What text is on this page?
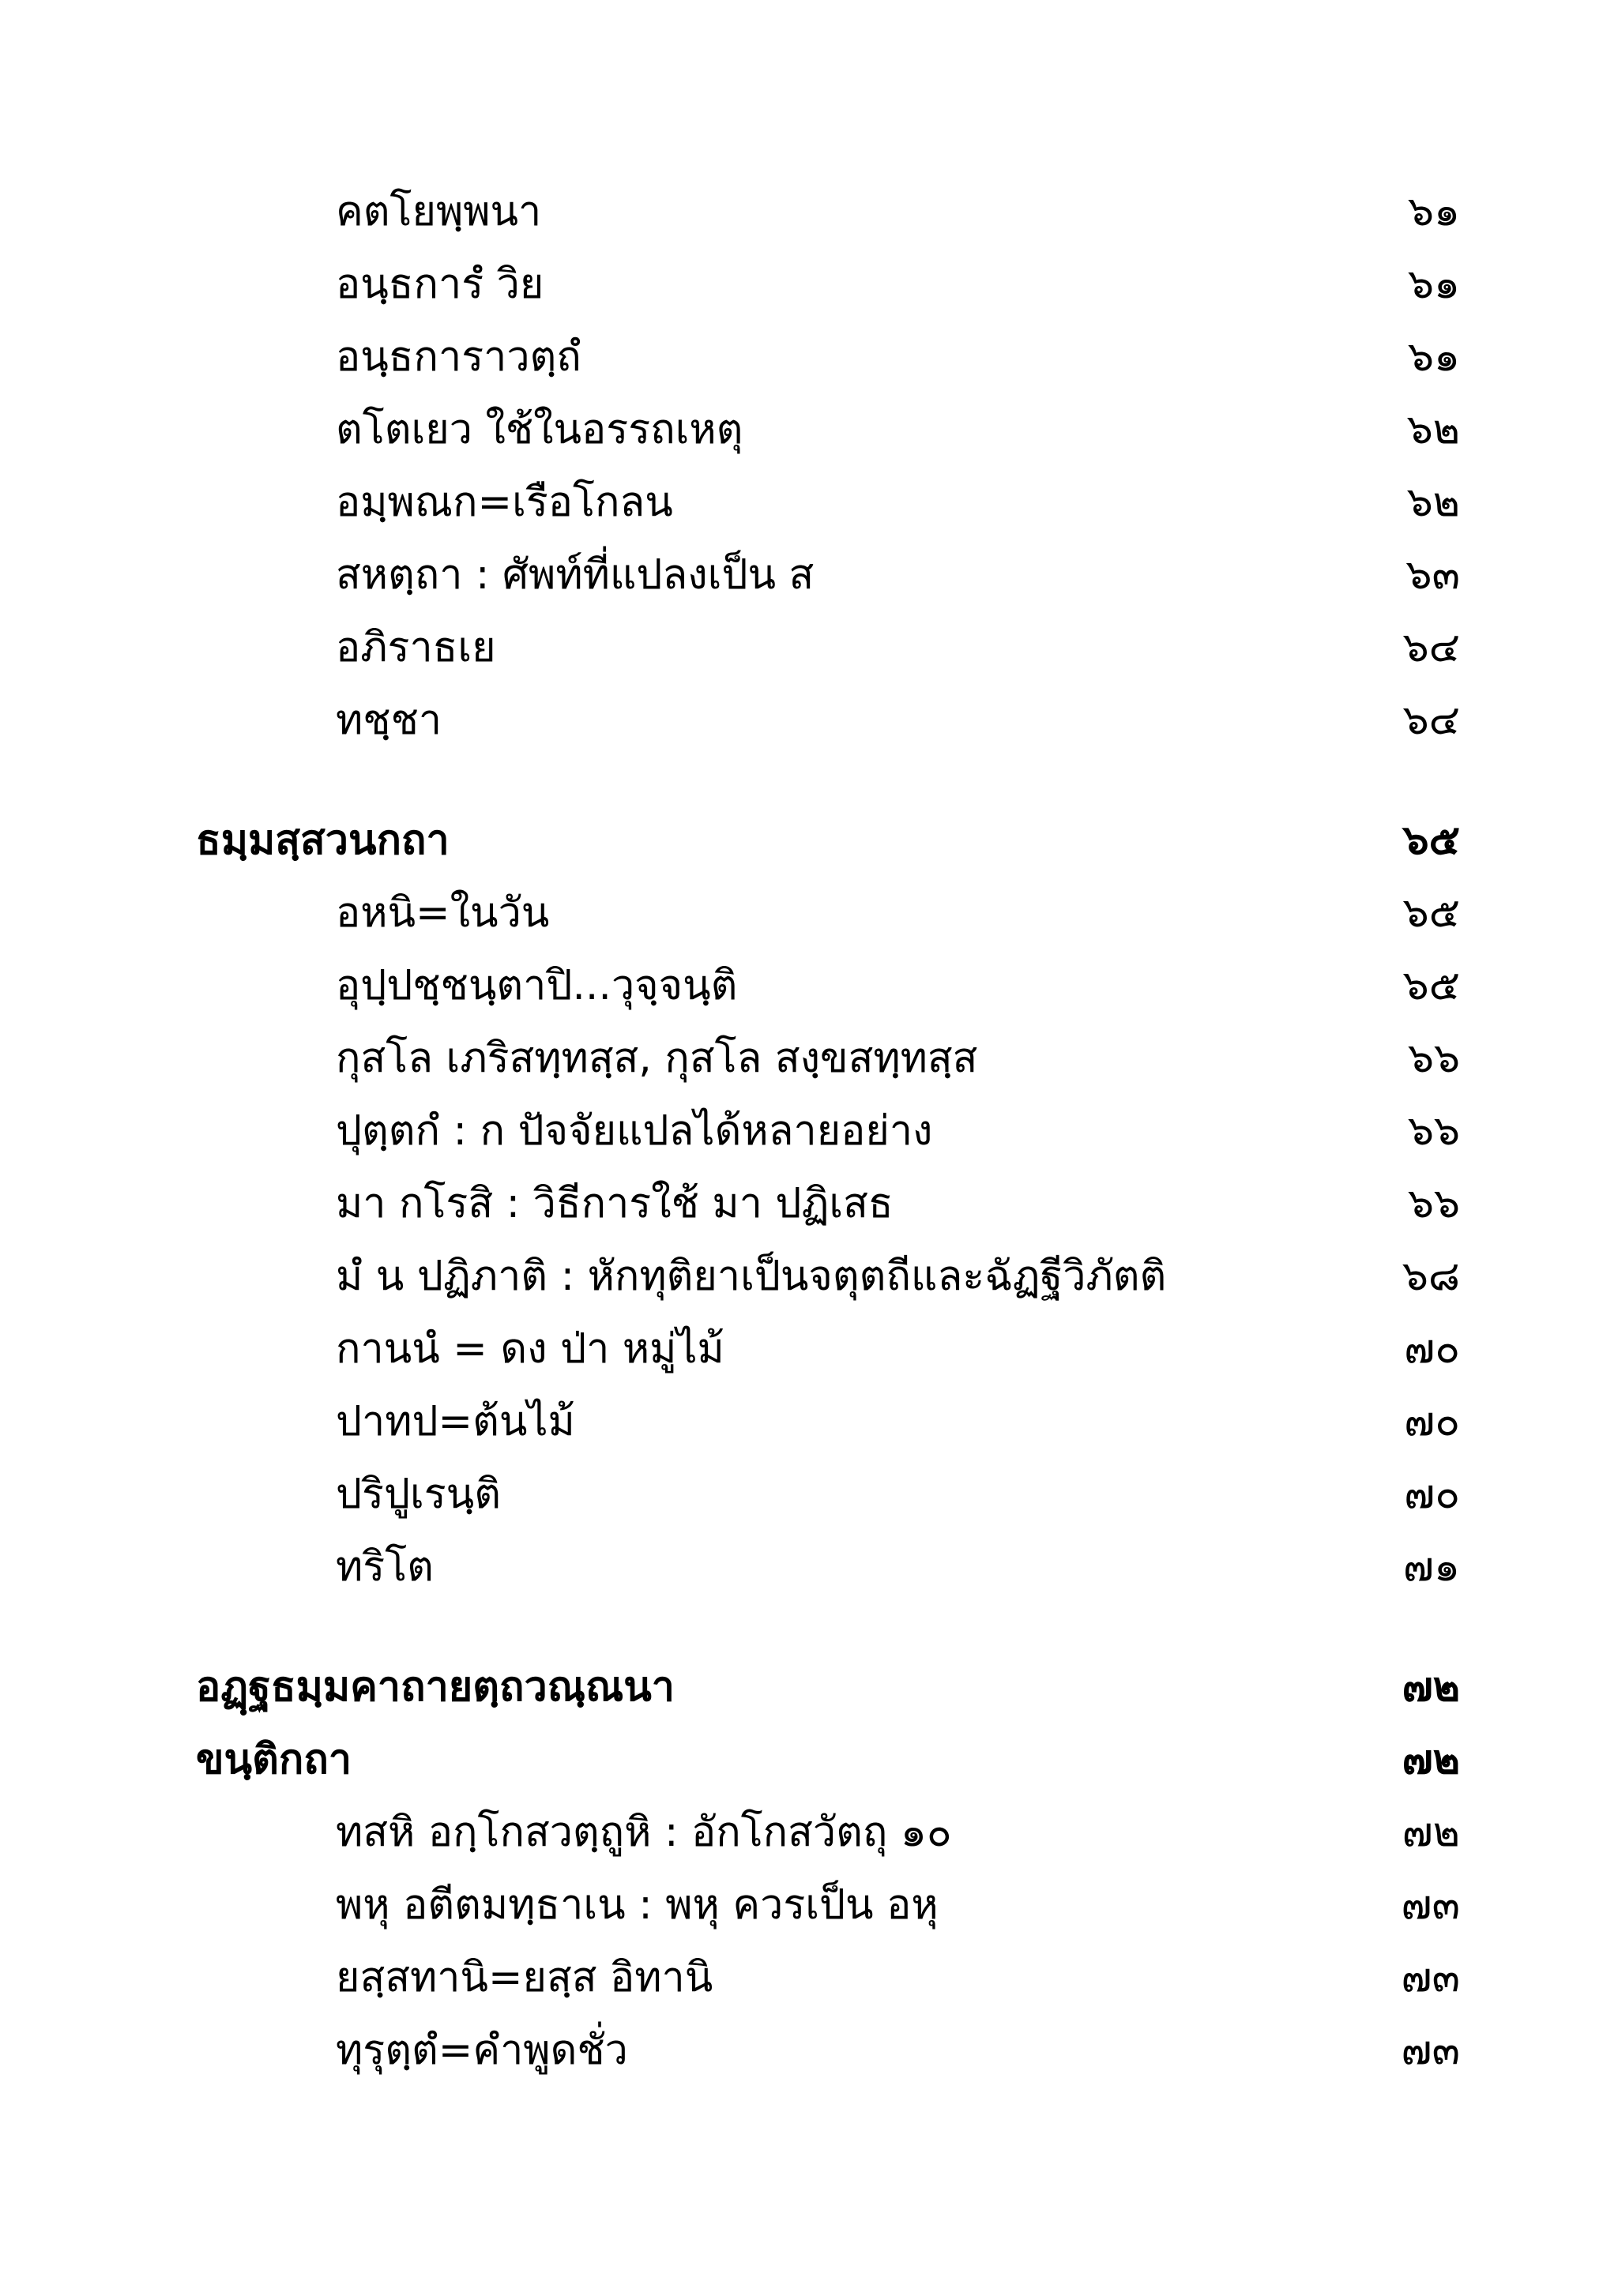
คตโยพฺพนา	๖๑
อนฺธการํ วิย	๖๑
อนฺธการาวตฺถํ	๖๑
ตโตเยว ใช้ในอรรถเหตุ	๖๒
อมฺพณก=เรือโกลน	๖๒
สหตฺถา : ศัพท์ที่แปลงเป็น ส	๖๓
อภิราธเย	๖๔
ทชฺชา	๖๔
ธมฺมสฺสวนกถา	๖๕
อหนิ=ในวัน	๖๕
อุปฺปชฺชนฺตาปิ...วุจฺจนฺติ	๖๕
กุสโล เภริสทฺทสฺส, กุสโล สงฺขสทฺทสฺส	๖๖
ปุตฺตกํ : ก ปัจจัยแปลได้หลายอย่าง	๖๖
มา กโรสิ : วิธีการใช้ มา ปฏิเสธ	๖๖
มํ น ปฏิภาติ : หักทุติยาเป็นจตุตถีและฉัฏฐีวิภัตติ	๖๘
กานนํ = ดง ป่า หมู่ไม้	๗๐
ปาทป=ต้นไม้	๗๐
ปริปูเรนฺติ	๗๐
ทริโต	๗๑
อฏฺฐธมฺมคาถายตฺถวณฺณนา	๗๒
ขนฺติกถา	๗๒
ทสหิ อกฺโกสวตฺถูหิ : อักโกสวัตถุ ๑๐	๗๒
พหุ อตีตมทฺธาเน : พหุ ควรเป็น อหุ	๗๓
ยสฺสทานิ=ยสฺส อิทานิ	๗๓
ทุรุตฺตํ=คำพูดชั่ว	๗๓
